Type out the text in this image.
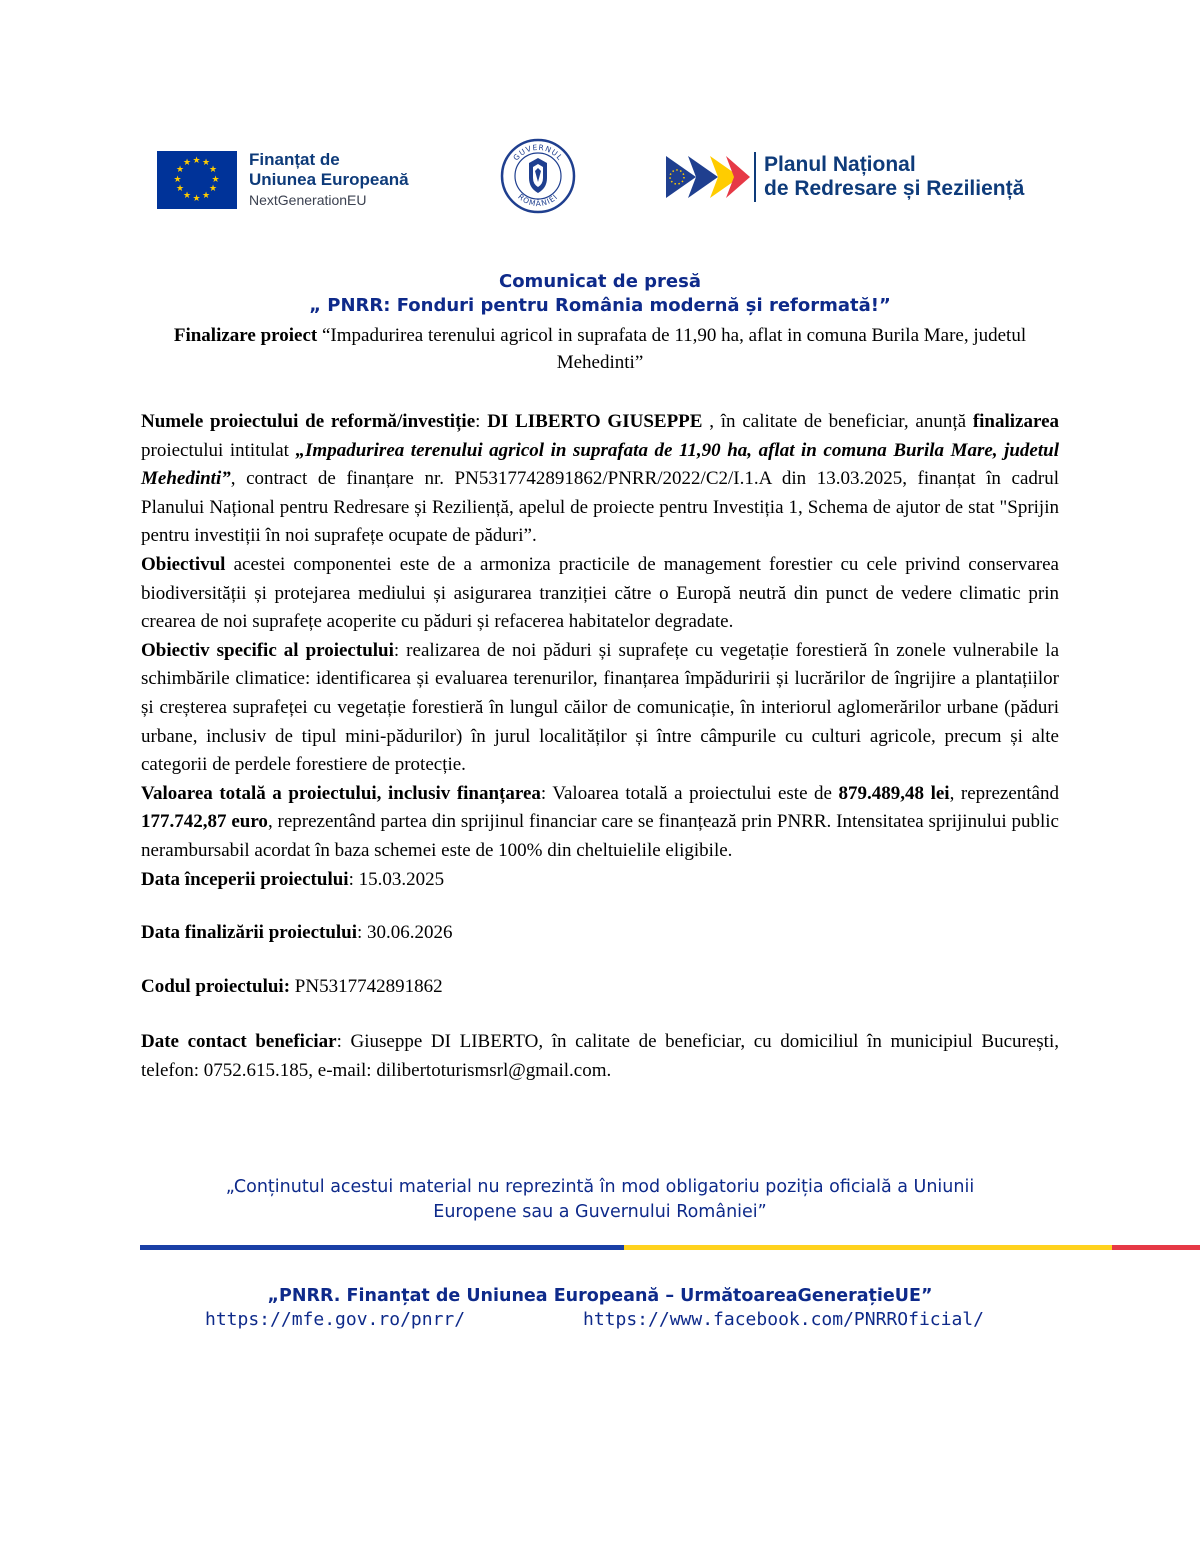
★ ★
★
★
★
★
★
★
★
★
★
★	Finanțat de
Uniunea Europeană
NextGenerationEU
GUVERNUL
ROMÂNIEI
Planul Național
de Redresare și Reziliență
Comunicat de presă
„ PNRR: Fonduri pentru România modernă și reformată!”
Finalizare proiect “Impadurirea terenului agricol in suprafata de 11,90 ha, aflat in comuna Burila Mare, judetul Mehedinti”

Numele proiectului de reformă/investiție: DI LIBERTO GIUSEPPE , în calitate de beneficiar, anunță finalizarea proiectului intitulat „Impadurirea terenului agricol in suprafata de 11,90 ha, aflat in comuna Burila Mare, judetul Mehedinti”, contract de finanțare nr. PN5317742891862/PNRR/2022/C2/I.1.A din 13.03.2025, finanțat în cadrul Planului Național pentru Redresare și Reziliență, apelul de proiecte pentru Investiția 1, Schema de ajutor de stat "Sprijin pentru investiții în noi suprafețe ocupate de păduri”.

Obiectivul acestei componentei este de a armoniza practicile de management forestier cu cele privind conservarea biodiversității și protejarea mediului și asigurarea tranziției către o Europă neutră din punct de vedere climatic prin crearea de noi suprafețe acoperite cu păduri și refacerea habitatelor degradate.

Obiectiv specific al proiectului: realizarea de noi păduri și suprafețe cu vegetație forestieră în zonele vulnerabile la schimbările climatice: identificarea și evaluarea terenurilor, finanțarea împăduririi și lucrărilor de îngrijire a plantațiilor și creșterea suprafeței cu vegetație forestieră în lungul căilor de comunicație, în interiorul aglomerărilor urbane (păduri urbane, inclusiv de tipul mini-pădurilor) în jurul localităților și între câmpurile cu culturi agricole, precum și alte categorii de perdele forestiere de protecție.

Valoarea totală a proiectului, inclusiv finanțarea: Valoarea totală a proiectului este de 879.489,48 lei, reprezentând 177.742,87 euro, reprezentând partea din sprijinul financiar care se finanțează prin PNRR. Intensitatea sprijinului public nerambursabil acordat în baza schemei este de 100% din cheltuielile eligibile.

Data începerii proiectului: 15.03.2025

Data finalizării proiectului: 30.06.2026

Codul proiectului: PN5317742891862

Date contact beneficiar: Giuseppe DI LIBERTO, în calitate de beneficiar, cu domiciliul în municipiul București, telefon: 0752.615.185, e-mail: dilibertoturismsrl@gmail.com.

„Conținutul acestui material nu reprezintă în mod obligatoriu poziția oficială a Uniunii
Europene sau a Guvernului României”
„PNRR. Finanțat de Uniunea Europeană – UrmătoareaGenerațieUE”
https://mfe.gov.ro/pnrr/	https://www.facebook.com/PNRROficial/
